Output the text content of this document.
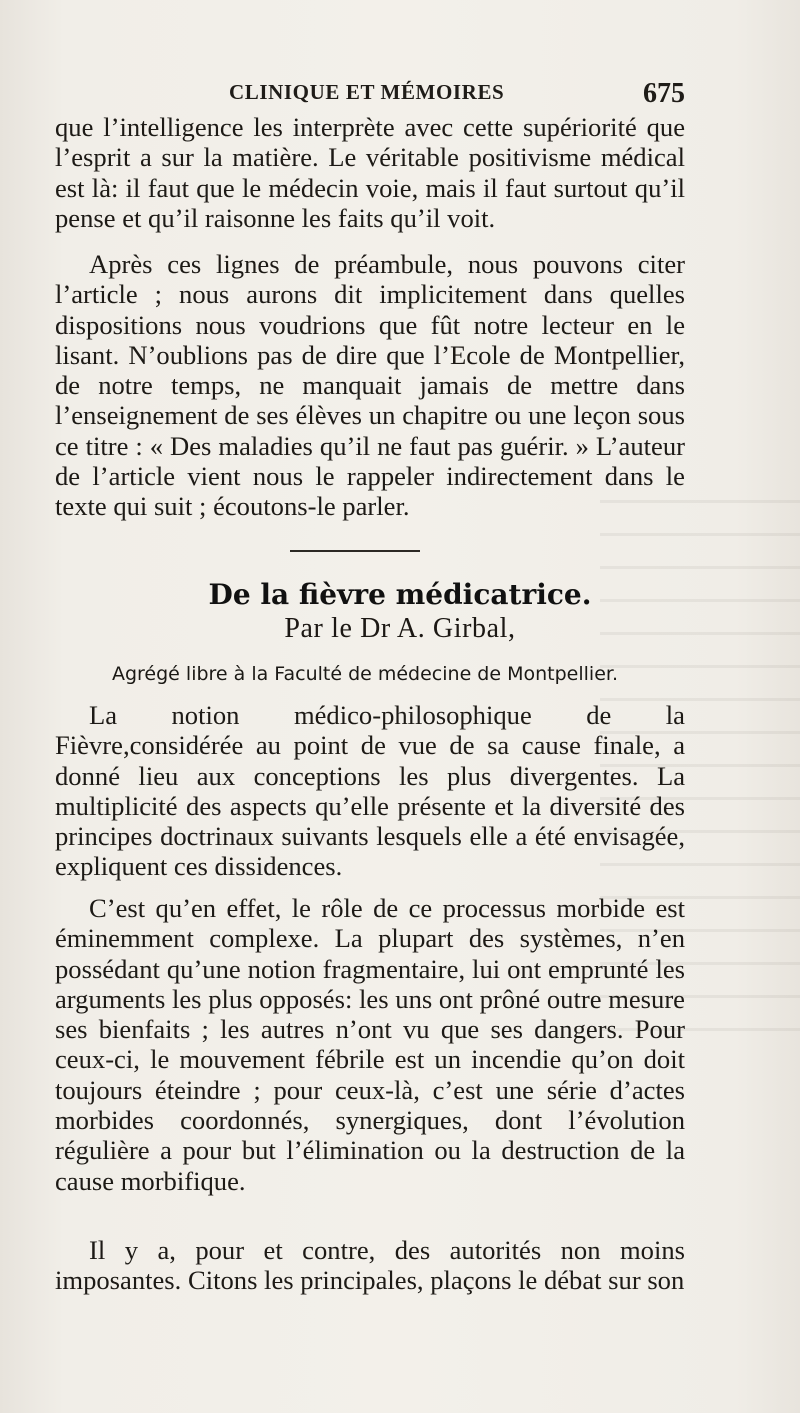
CLINIQUE ET MÉMOIRES	675
que l’intelligence les interprète avec cette supériorité que l’esprit a sur la matière. Le véritable positivisme médical est là: il faut que le médecin voie, mais il faut surtout qu’il pense et qu’il raisonne les faits qu’il voit.
Après ces lignes de préambule, nous pouvons citer l’article ; nous aurons dit implicitement dans quelles dispositions nous voudrions que fût notre lecteur en le lisant. N’oublions pas de dire que l’Ecole de Montpellier, de notre temps, ne manquait jamais de mettre dans l’enseignement de ses élèves un chapitre ou une leçon sous ce titre : « Des maladies qu’il ne faut pas guérir. » L’auteur de l’article vient nous le rappeler indirectement dans le texte qui suit ; écoutons-le parler.
De la fièvre médicatrice.
Par le Dr A. Girbal,
Agrégé libre à la Faculté de médecine de Montpellier.
La notion médico-philosophique de la Fièvre,considérée au point de vue de sa cause finale, a donné lieu aux conceptions les plus divergentes. La multiplicité des aspects qu’elle présente et la diversité des principes doctrinaux suivants lesquels elle a été envisagée, expliquent ces dissidences.
C’est qu’en effet, le rôle de ce processus morbide est éminemment complexe. La plupart des systèmes, n’en possédant qu’une notion fragmentaire, lui ont emprunté les arguments les plus opposés: les uns ont prôné outre mesure ses bienfaits ; les autres n’ont vu que ses dangers. Pour ceux-ci, le mouvement fébrile est un incendie qu’on doit toujours éteindre ; pour ceux-là, c’est une série d’actes morbides coordonnés, synergiques, dont l’évolution régulière a pour but l’élimination ou la destruction de la cause morbifique.
Il y a, pour et contre, des autorités non moins imposantes. Citons les principales, plaçons le débat sur son
